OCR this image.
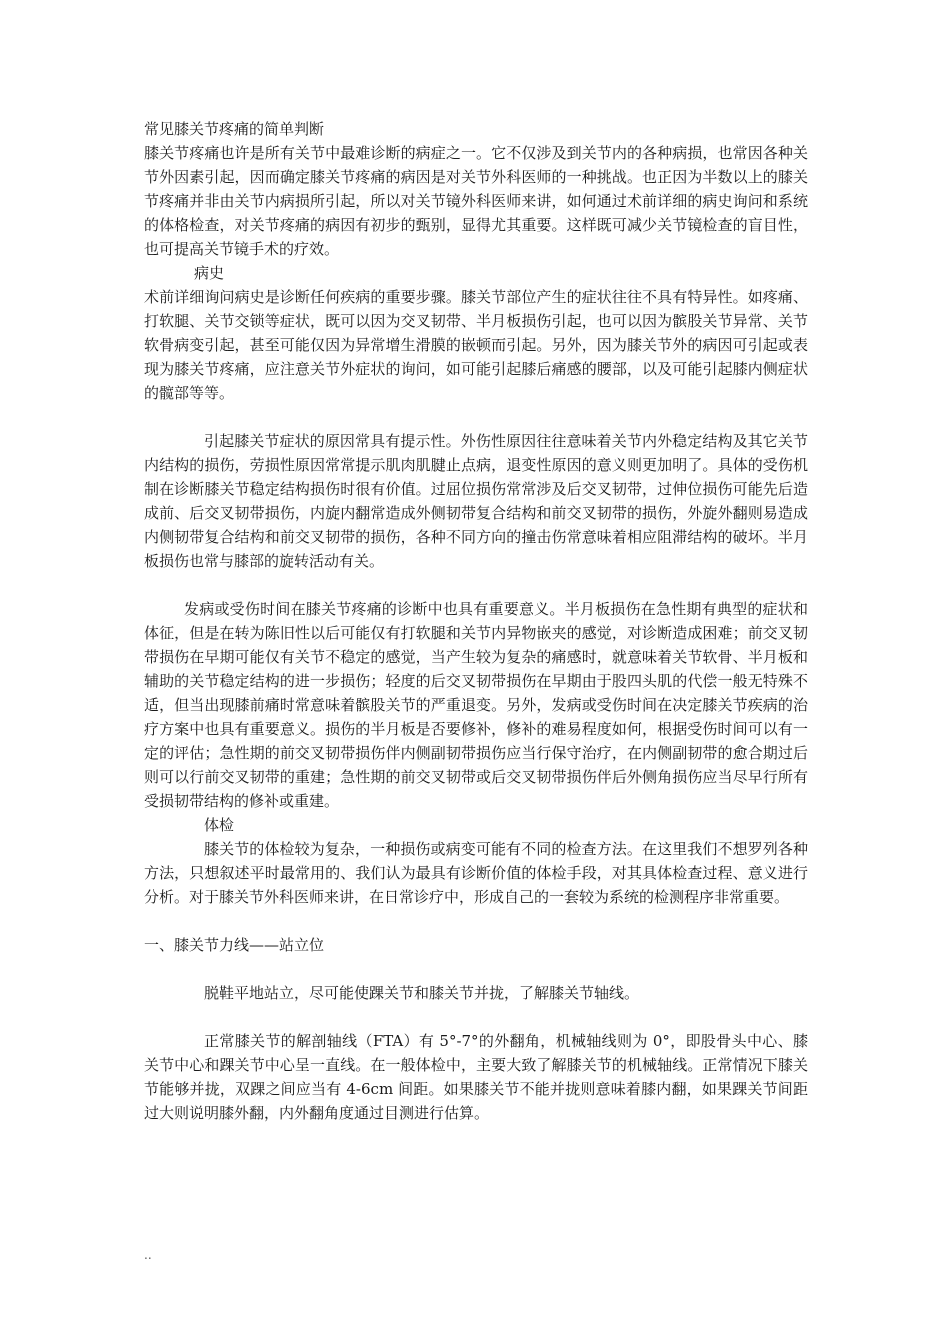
常见膝关节疼痛的简单判断

膝关节疼痛也许是所有关节中最难诊断的病症之一。它不仅涉及到关节内的各种病损，也常因各种关节外因素引起，因而确定膝关节疼痛的病因是对关节外科医师的一种挑战。也正因为半数以上的膝关节疼痛并非由关节内病损所引起，所以对关节镜外科医师来讲，如何通过术前详细的病史询问和系统的体格检查，对关节疼痛的病因有初步的甄别，显得尤其重要。这样既可减少关节镜检查的盲目性，也可提高关节镜手术的疗效。

病史

术前详细询问病史是诊断任何疾病的重要步骤。膝关节部位产生的症状往往不具有特异性。如疼痛、打软腿、关节交锁等症状，既可以因为交叉韧带、半月板损伤引起，也可以因为髌股关节异常、关节软骨病变引起，甚至可能仅因为异常增生滑膜的嵌顿而引起。另外，因为膝关节外的病因可引起或表现为膝关节疼痛，应注意关节外症状的询问，如可能引起膝后痛感的腰部，以及可能引起膝内侧症状的髋部等等。

引起膝关节症状的原因常具有提示性。外伤性原因往往意味着关节内外稳定结构及其它关节内结构的损伤，劳损性原因常常提示肌肉肌腱止点病，退变性原因的意义则更加明了。具体的受伤机制在诊断膝关节稳定结构损伤时很有价值。过屈位损伤常常涉及后交叉韧带，过伸位损伤可能先后造成前、后交叉韧带损伤，内旋内翻常造成外侧韧带复合结构和前交叉韧带的损伤，外旋外翻则易造成内侧韧带复合结构和前交叉韧带的损伤，各种不同方向的撞击伤常意味着相应阻滞结构的破坏。半月板损伤也常与膝部的旋转活动有关。

发病或受伤时间在膝关节疼痛的诊断中也具有重要意义。半月板损伤在急性期有典型的症状和体征，但是在转为陈旧性以后可能仅有打软腿和关节内异物嵌夹的感觉，对诊断造成困难；前交叉韧带损伤在早期可能仅有关节不稳定的感觉，当产生较为复杂的痛感时，就意味着关节软骨、半月板和辅助的关节稳定结构的进一步损伤；轻度的后交叉韧带损伤在早期由于股四头肌的代偿一般无特殊不适，但当出现膝前痛时常意味着髌股关节的严重退变。另外，发病或受伤时间在决定膝关节疾病的治疗方案中也具有重要意义。损伤的半月板是否要修补，修补的难易程度如何，根据受伤时间可以有一定的评估；急性期的前交叉韧带损伤伴内侧副韧带损伤应当行保守治疗，在内侧副韧带的愈合期过后则可以行前交叉韧带的重建；急性期的前交叉韧带或后交叉韧带损伤伴后外侧角损伤应当尽早行所有受损韧带结构的修补或重建。

体检

膝关节的体检较为复杂，一种损伤或病变可能有不同的检查方法。在这里我们不想罗列各种方法，只想叙述平时最常用的、我们认为最具有诊断价值的体检手段，对其具体检查过程、意义进行分析。对于膝关节外科医师来讲，在日常诊疗中，形成自己的一套较为系统的检测程序非常重要。

一、膝关节力线——站立位

脱鞋平地站立，尽可能使踝关节和膝关节并拢，了解膝关节轴线。

正常膝关节的解剖轴线（FTA）有 5°-7°的外翻角，机械轴线则为 0°，即股骨头中心、膝关节中心和踝关节中心呈一直线。在一般体检中，主要大致了解膝关节的机械轴线。正常情况下膝关节能够并拢，双踝之间应当有 4-6cm 间距。如果膝关节不能并拢则意味着膝内翻，如果踝关节间距过大则说明膝外翻，内外翻角度通过目测进行估算。

..
